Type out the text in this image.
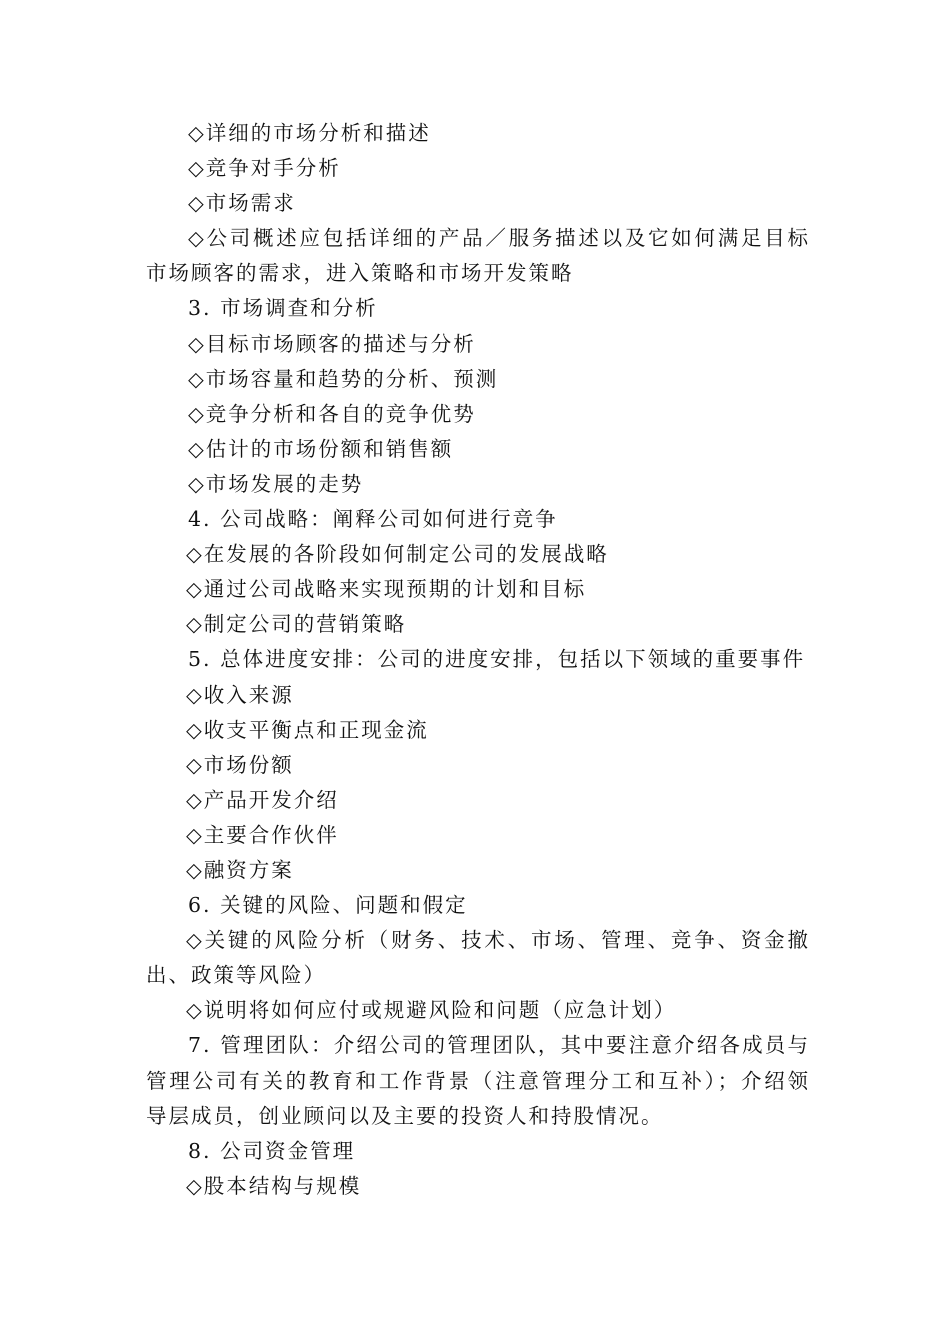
◇详细的市场分析和描述

◇竞争对手分析

◇市场需求

◇公司概述应包括详细的产品／服务描述以及它如何满足目标市场顾客的需求，进入策略和市场开发策略

3. 市场调查和分析

◇目标市场顾客的描述与分析

◇市场容量和趋势的分析、预测

◇竞争分析和各自的竞争优势

◇估计的市场份额和销售额

◇市场发展的走势

4. 公司战略：阐释公司如何进行竞争

◇在发展的各阶段如何制定公司的发展战略

◇通过公司战略来实现预期的计划和目标

◇制定公司的营销策略

5. 总体进度安排：公司的进度安排，包括以下领域的重要事件

◇收入来源

◇收支平衡点和正现金流

◇市场份额

◇产品开发介绍

◇主要合作伙伴

◇融资方案

6. 关键的风险、问题和假定

◇关键的风险分析（财务、技术、市场、管理、竞争、资金撤出、政策等风险）

◇说明将如何应付或规避风险和问题（应急计划）

7. 管理团队：介绍公司的管理团队，其中要注意介绍各成员与管理公司有关的教育和工作背景（注意管理分工和互补）；介绍领导层成员，创业顾问以及主要的投资人和持股情况。

8. 公司资金管理

◇股本结构与规模
